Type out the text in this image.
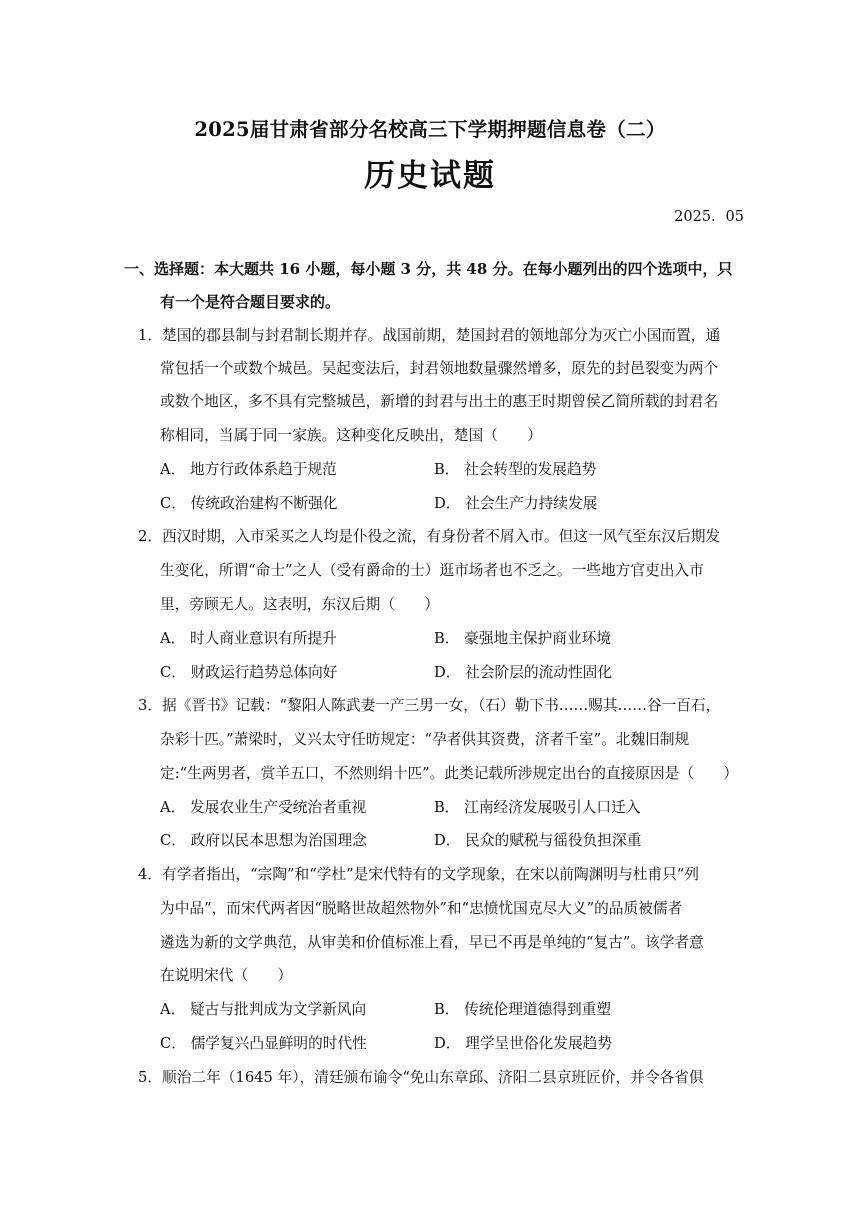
2025届甘肃省部分名校高三下学期押题信息卷（二）
历史试题
2025．05
一、选择题：本大题共 16 小题，每小题 3 分，共 48 分。在每小题列出的四个选项中，只
有一个是符合题目要求的。
1．楚国的郡县制与封君制长期并存。战国前期，楚国封君的领地部分为灭亡小国而置，通
常包括一个或数个城邑。吴起变法后，封君领地数量骤然增多，原先的封邑裂变为两个
或数个地区，多不具有完整城邑，新增的封君与出土的惠王时期曾侯乙简所载的封君名
称相同，当属于同一家族。这种变化反映出，楚国（　　）
A． 地方行政体系趋于规范	B． 社会转型的发展趋势
C． 传统政治建构不断强化	D． 社会生产力持续发展
2．西汉时期，入市采买之人均是仆役之流，有身份者不屑入市。但这一风气至东汉后期发
生变化，所谓“命士”之人（受有爵命的士）逛市场者也不乏之。一些地方官吏出入市
里，旁顾无人。这表明，东汉后期（　　）
A． 时人商业意识有所提升	B． 豪强地主保护商业环境
C． 财政运行趋势总体向好	D． 社会阶层的流动性固化
3．据《晋书》记载：“黎阳人陈武妻一产三男一女，（石）勒下书……赐其……谷一百石，
杂彩十匹。”萧梁时，义兴太守任昉规定：“孕者供其资费，济者千室”。北魏旧制规
定:“生两男者，赏羊五口，不然则绢十匹”。此类记载所涉规定出台的直接原因是（　　）
A． 发展农业生产受统治者重视	B． 江南经济发展吸引人口迁入
C． 政府以民本思想为治国理念	D． 民众的赋税与徭役负担深重
4．有学者指出，“宗陶”和“学杜”是宋代特有的文学现象，在宋以前陶渊明与杜甫只“列
为中品”，而宋代两者因“脱略世故超然物外”和“忠愤忧国克尽大义”的品质被儒者
遴选为新的文学典范，从审美和价值标准上看，早已不再是单纯的“复古”。该学者意
在说明宋代（　　）
A． 疑古与批判成为文学新风向	B． 传统伦理道德得到重塑
C． 儒学复兴凸显鲜明的时代性	D． 理学呈世俗化发展趋势
5．顺治二年（1645 年），清廷颁布谕令“免山东章邱、济阳二县京班匠价，并令各省俱
